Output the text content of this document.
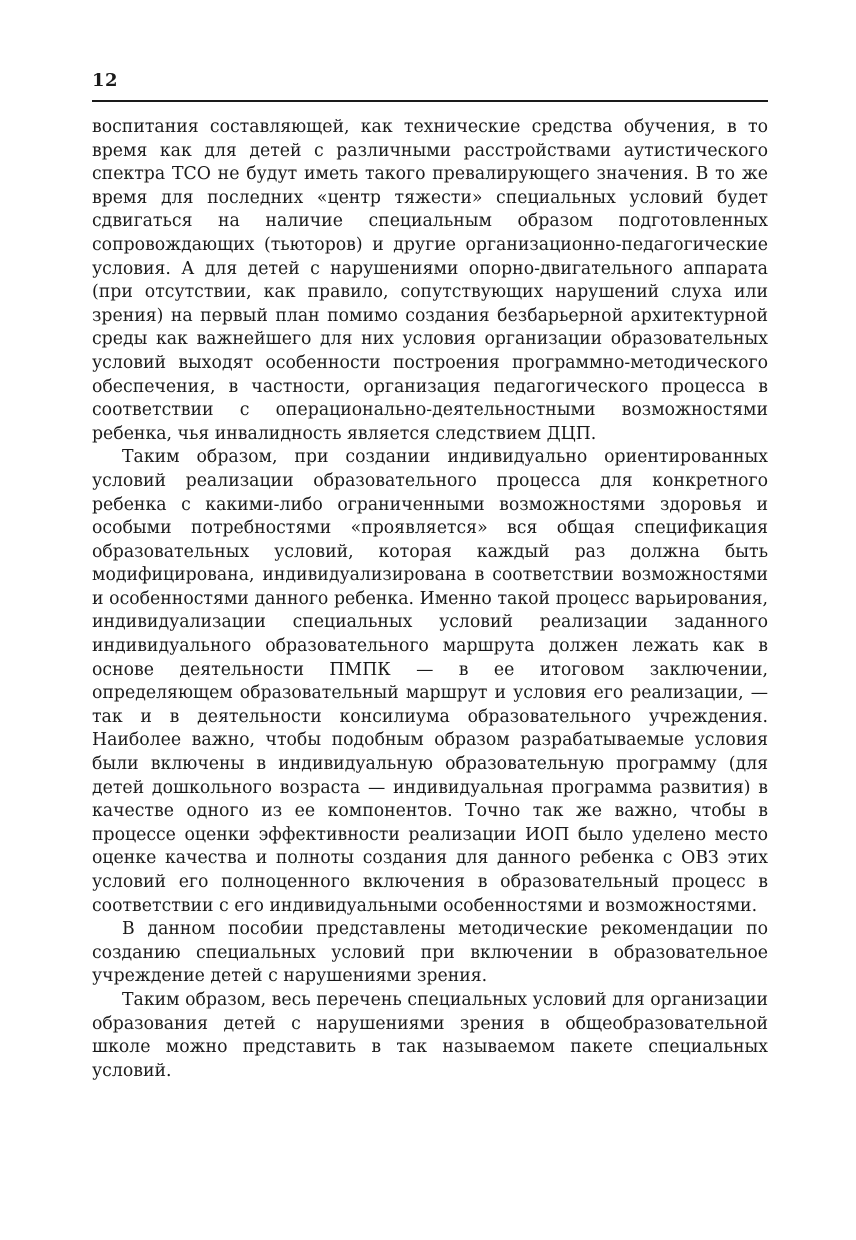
12

воспитания составляющей, как технические средства обучения, в то время как для детей с различными расстройствами аутистического спектра ТСО не будут иметь такого превалирующего значения. В то же время для последних «центр тяжести» специальных условий будет сдвигаться на наличие специальным образом подготовленных сопровождающих (тьюторов) и другие организационно-педагогические условия. А для детей с нарушениями опорно-двигательного аппарата (при отсутствии, как правило, сопутствующих нарушений слуха или зрения) на первый план помимо создания безбарьерной архитектурной среды как важнейшего для них условия организации образовательных условий выходят особенности построения программно-методического обеспечения, в частности, организация педагогического процесса в соответствии с операционально-деятельностными возможностями ребенка, чья инвалидность является следствием ДЦП.

Таким образом, при создании индивидуально ориентированных условий реализации образовательного процесса для конкретного ребенка с какими-либо ограниченными возможностями здоровья и особыми потребностями «проявляется» вся общая спецификация образовательных условий, которая каждый раз должна быть модифицирована, индивидуализирована в соответствии возможностями и особенностями данного ребенка. Именно такой процесс варьирования, индивидуализации специальных условий реализации заданного индивидуального образовательного маршрута должен лежать как в основе деятельности ПМПК — в ее итоговом заключении, определяющем образовательный маршрут и условия его реализации, — так и в деятельности консилиума образовательного учреждения. Наиболее важно, чтобы подобным образом разрабатываемые условия были включены в индивидуальную образовательную программу (для детей дошкольного возраста — индивидуальная программа развития) в качестве одного из ее компонентов. Точно так же важно, чтобы в процессе оценки эффективности реализации ИОП было уделено место оценке качества и полноты создания для данного ребенка с ОВЗ этих условий его полноценного включения в образовательный процесс в соответствии с его индивидуальными особенностями и возможностями.

В данном пособии представлены методические рекомендации по созданию специальных условий при включении в образовательное учреждение детей с нарушениями зрения.

Таким образом, весь перечень специальных условий для организации образования детей с нарушениями зрения в общеобразовательной школе можно представить в так называемом пакете специальных условий.
